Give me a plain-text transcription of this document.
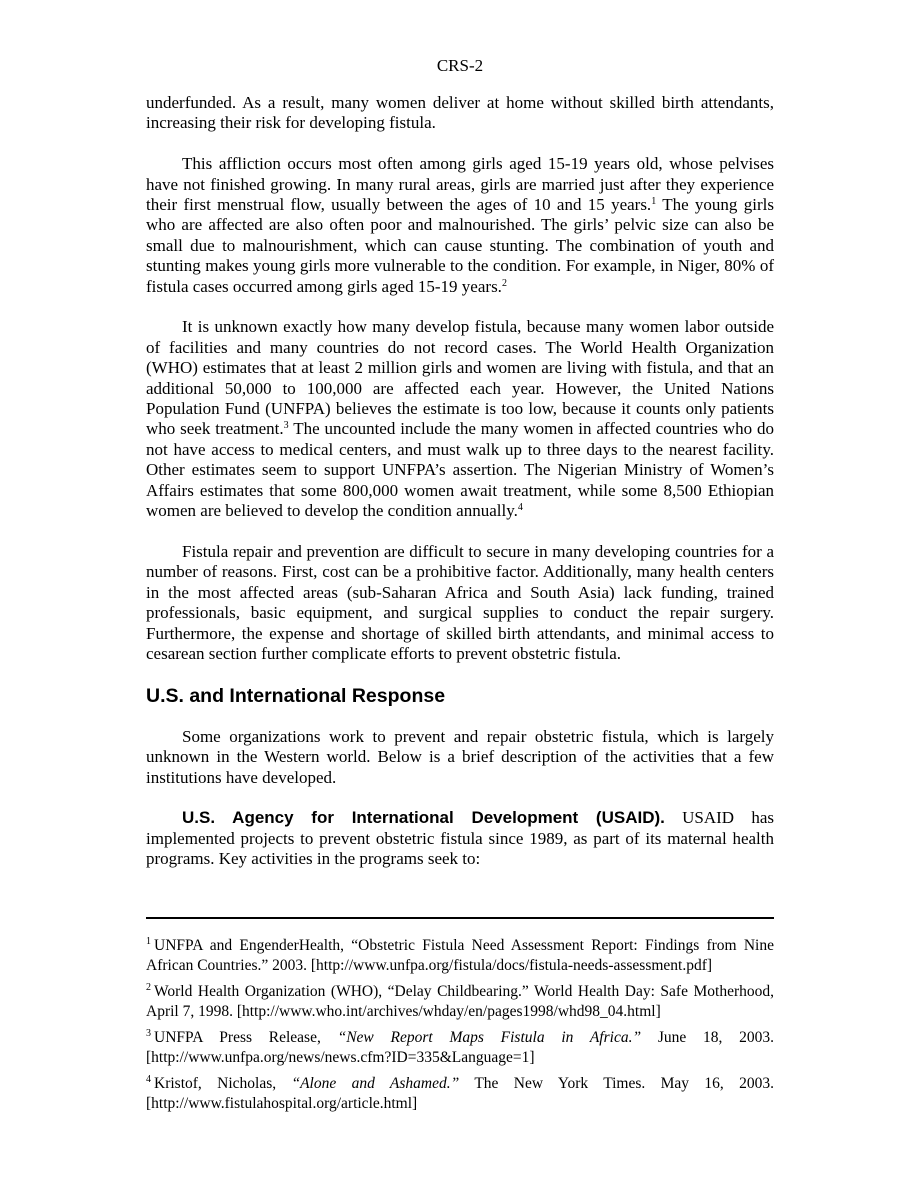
CRS-2

underfunded. As a result, many women deliver at home without skilled birth attendants, increasing their risk for developing fistula.

This affliction occurs most often among girls aged 15-19 years old, whose pelvises have not finished growing. In many rural areas, girls are married just after they experience their first menstrual flow, usually between the ages of 10 and 15 years.$^1$ The young girls who are affected are also often poor and malnourished. The girls’ pelvic size can also be small due to malnourishment, which can cause stunting. The combination of youth and stunting makes young girls more vulnerable to the condition. For example, in Niger, 80% of fistula cases occurred among girls aged 15-19 years.$^2$

It is unknown exactly how many develop fistula, because many women labor outside of facilities and many countries do not record cases. The World Health Organization (WHO) estimates that at least 2 million girls and women are living with fistula, and that an additional 50,000 to 100,000 are affected each year. However, the United Nations Population Fund (UNFPA) believes the estimate is too low, because it counts only patients who seek treatment.$^3$ The uncounted include the many women in affected countries who do not have access to medical centers, and must walk up to three days to the nearest facility. Other estimates seem to support UNFPA’s assertion. The Nigerian Ministry of Women’s Affairs estimates that some 800,000 women await treatment, while some 8,500 Ethiopian women are believed to develop the condition annually.$^4$

Fistula repair and prevention are difficult to secure in many developing countries for a number of reasons. First, cost can be a prohibitive factor. Additionally, many health centers in the most affected areas (sub-Saharan Africa and South Asia) lack funding, trained professionals, basic equipment, and surgical supplies to conduct the repair surgery. Furthermore, the expense and shortage of skilled birth attendants, and minimal access to cesarean section further complicate efforts to prevent obstetric fistula.

U.S. and International Response

Some organizations work to prevent and repair obstetric fistula, which is largely unknown in the Western world. Below is a brief description of the activities that a few institutions have developed.

U.S. Agency for International Development (USAID). USAID has implemented projects to prevent obstetric fistula since 1989, as part of its maternal health programs. Key activities in the programs seek to:

$^1$ UNFPA and EngenderHealth, “Obstetric Fistula Need Assessment Report: Findings from Nine African Countries.” 2003. [http://www.unfpa.org/fistula/docs/fistula-needs-assessment.pdf]

$^2$ World Health Organization (WHO), “Delay Childbearing.” World Health Day: Safe Motherhood, April 7, 1998. [http://www.who.int/archives/whday/en/pages1998/whd98_04.html]

$^3$ UNFPA Press Release, “New Report Maps Fistula in Africa.” June 18, 2003. [http://www.unfpa.org/news/news.cfm?ID=335&Language=1]

$^4$ Kristof, Nicholas, “Alone and Ashamed.” The New York Times. May 16, 2003. [http://www.fistulahospital.org/article.html]
